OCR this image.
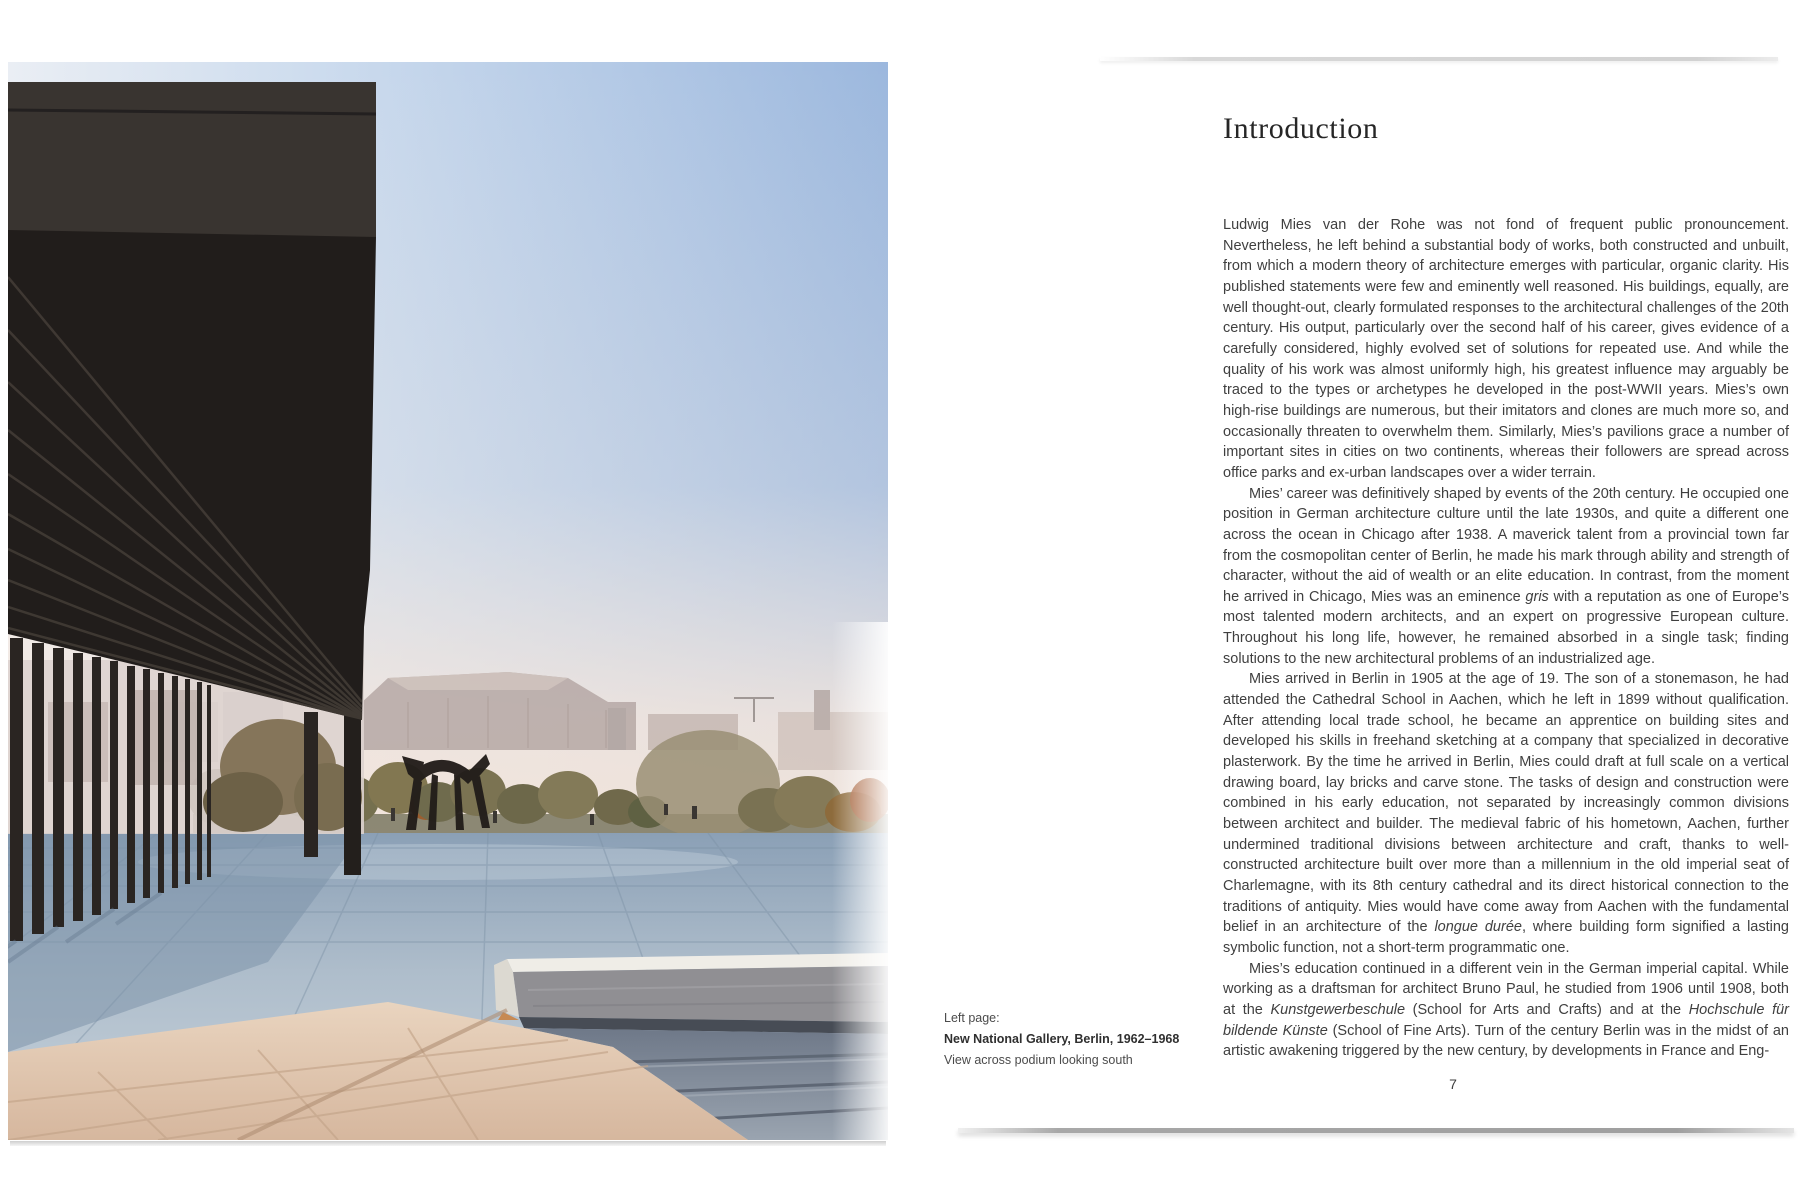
Introduction

Ludwig Mies van der Rohe was not fond of frequent public pronouncement. Nevertheless, he left behind a substantial body of works, both constructed and unbuilt, from which a modern theory of architecture emerges with particular, organic clarity. His published statements were few and eminently well reasoned. His buildings, equally, are well thought-out, clearly formulated responses to the architectural challenges of the 20th century. His output, particularly over the second half of his career, gives evidence of a carefully considered, highly evolved set of solutions for repeated use. And while the quality of his work was almost uniformly high, his greatest influence may arguably be traced to the types or archetypes he developed in the post-WWII years. Mies’s own high-rise buildings are numerous, but their imitators and clones are much more so, and occasionally threaten to overwhelm them. Similarly, Mies’s pavilions grace a number of important sites in cities on two continents, whereas their followers are spread across office parks and ex-urban landscapes over a wider terrain.

Mies’ career was definitively shaped by events of the 20th century. He occupied one position in German architecture culture until the late 1930s, and quite a different one across the ocean in Chicago after 1938. A maverick talent from a provincial town far from the cosmopolitan center of Berlin, he made his mark through ability and strength of character, without the aid of wealth or an elite education. In contrast, from the moment he arrived in Chicago, Mies was an eminence gris with a reputation as one of Europe’s most talented modern architects, and an expert on progressive European culture. Throughout his long life, however, he remained absorbed in a single task; finding solutions to the new architectural problems of an industrialized age.

Mies arrived in Berlin in 1905 at the age of 19. The son of a stonemason, he had attended the Cathedral School in Aachen, which he left in 1899 without qualification. After attending local trade school, he became an apprentice on building sites and developed his skills in freehand sketching at a company that specialized in decorative plasterwork. By the time he arrived in Berlin, Mies could draft at full scale on a vertical drawing board, lay bricks and carve stone. The tasks of design and construction were combined in his early education, not separated by increasingly common divisions between architect and builder. The medieval fabric of his hometown, Aachen, further undermined traditional divisions between architecture and craft, thanks to well-constructed architecture built over more than a millennium in the old imperial seat of Charlemagne, with its 8th century cathedral and its direct historical connection to the traditions of antiquity. Mies would have come away from Aachen with the fundamental belief in an architecture of the longue durée, where building form signified a lasting symbolic function, not a short-term programmatic one.

Mies’s education continued in a different vein in the German imperial capital. While working as a draftsman for architect Bruno Paul, he studied from 1906 until 1908, both at the Kunstgewerbeschule (School for Arts and Crafts) and at the Hochschule für bildende Künste (School of Fine Arts). Turn of the century Berlin was in the midst of an artistic awakening triggered by the new century, by developments in France and Eng-

Left page:
New National Gallery, Berlin, 1962–1968
View across podium looking south
7
